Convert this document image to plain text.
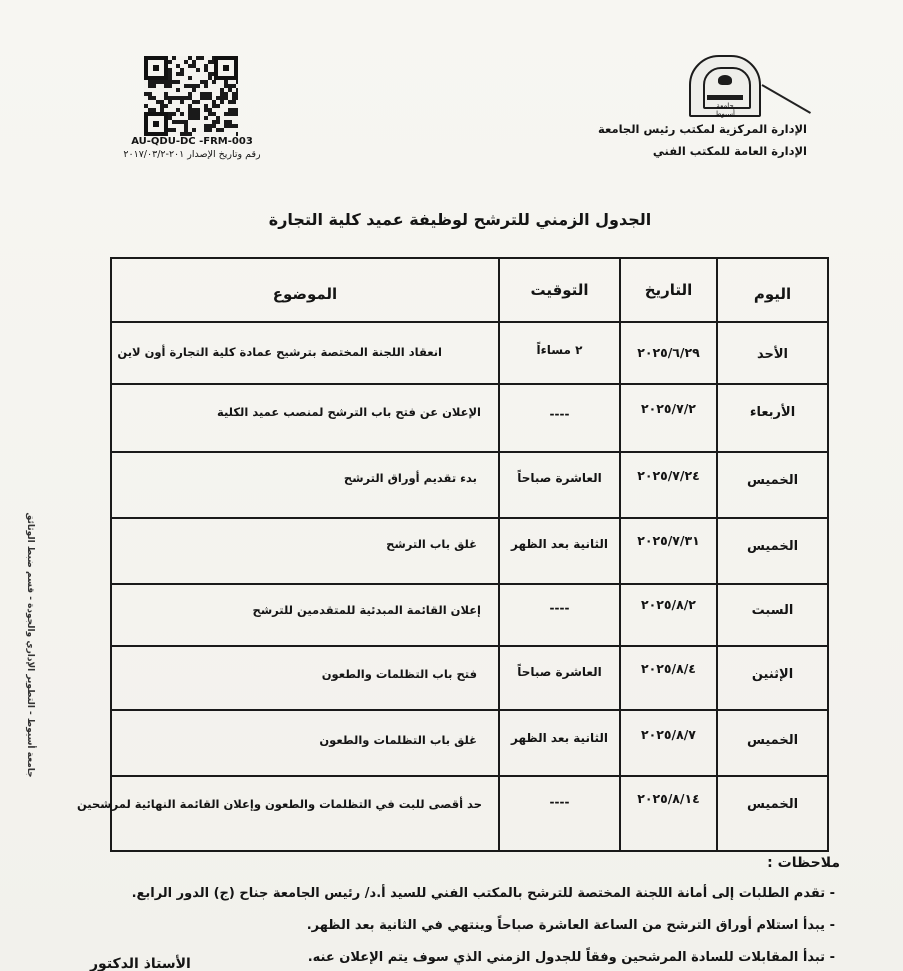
جامعة أسيوط
الإدارة المركزية لمكتب رئيس الجامعة
الإدارة العامة للمكتب الفني
AU-QDU-DC -FRM-003
رقم وتاريخ الإصدار ٢٠١-٢٠١٧/٠٣/٢
الجدول الزمني للترشح لوظيفة عميد كلية التجارة
اليوم
التاريخ
التوقيت
الموضوع
الأحد
٢٠٢٥/٦/٢٩
٢ مساءاً
انعقاد اللجنة المختصة بترشيح عمادة كلية التجارة أون لاين
الأربعاء
٢٠٢٥/٧/٢
----
الإعلان عن فتح باب الترشح لمنصب عميد الكلية
الخميس
٢٠٢٥/٧/٢٤
العاشرة صباحاً
بدء تقديم أوراق الترشح
الخميس
٢٠٢٥/٧/٣١
الثانية بعد الظهر
غلق باب الترشح
السبت
٢٠٢٥/٨/٢
----
إعلان القائمة المبدئية للمتقدمين للترشح
الإثنين
٢٠٢٥/٨/٤
العاشرة صباحاً
فتح باب التظلمات والطعون
الخميس
٢٠٢٥/٨/٧
الثانية بعد الظهر
غلق باب التظلمات والطعون
الخميس
٢٠٢٥/٨/١٤
----
حد أقصى للبت في التظلمات والطعون وإعلان القائمة النهائية لمرشحين
ملاحظات :
- تقدم الطلبات إلى أمانة اللجنة المختصة للترشح بالمكتب الفني للسيد أ.د/ رئيس الجامعة جناح (ج) الدور الرابع.
- يبدأ استلام أوراق الترشح من الساعة العاشرة صباحاً وينتهي في الثانية بعد الظهر.
- تبدأ المقابلات للسادة المرشحين وفقاً للجدول الزمني الذي سوف يتم الإعلان عنه.
الأستاذ الدكتور
جامعة أسيوط - التطوير الإداري والجودة - قسم ضبط الوثائق
